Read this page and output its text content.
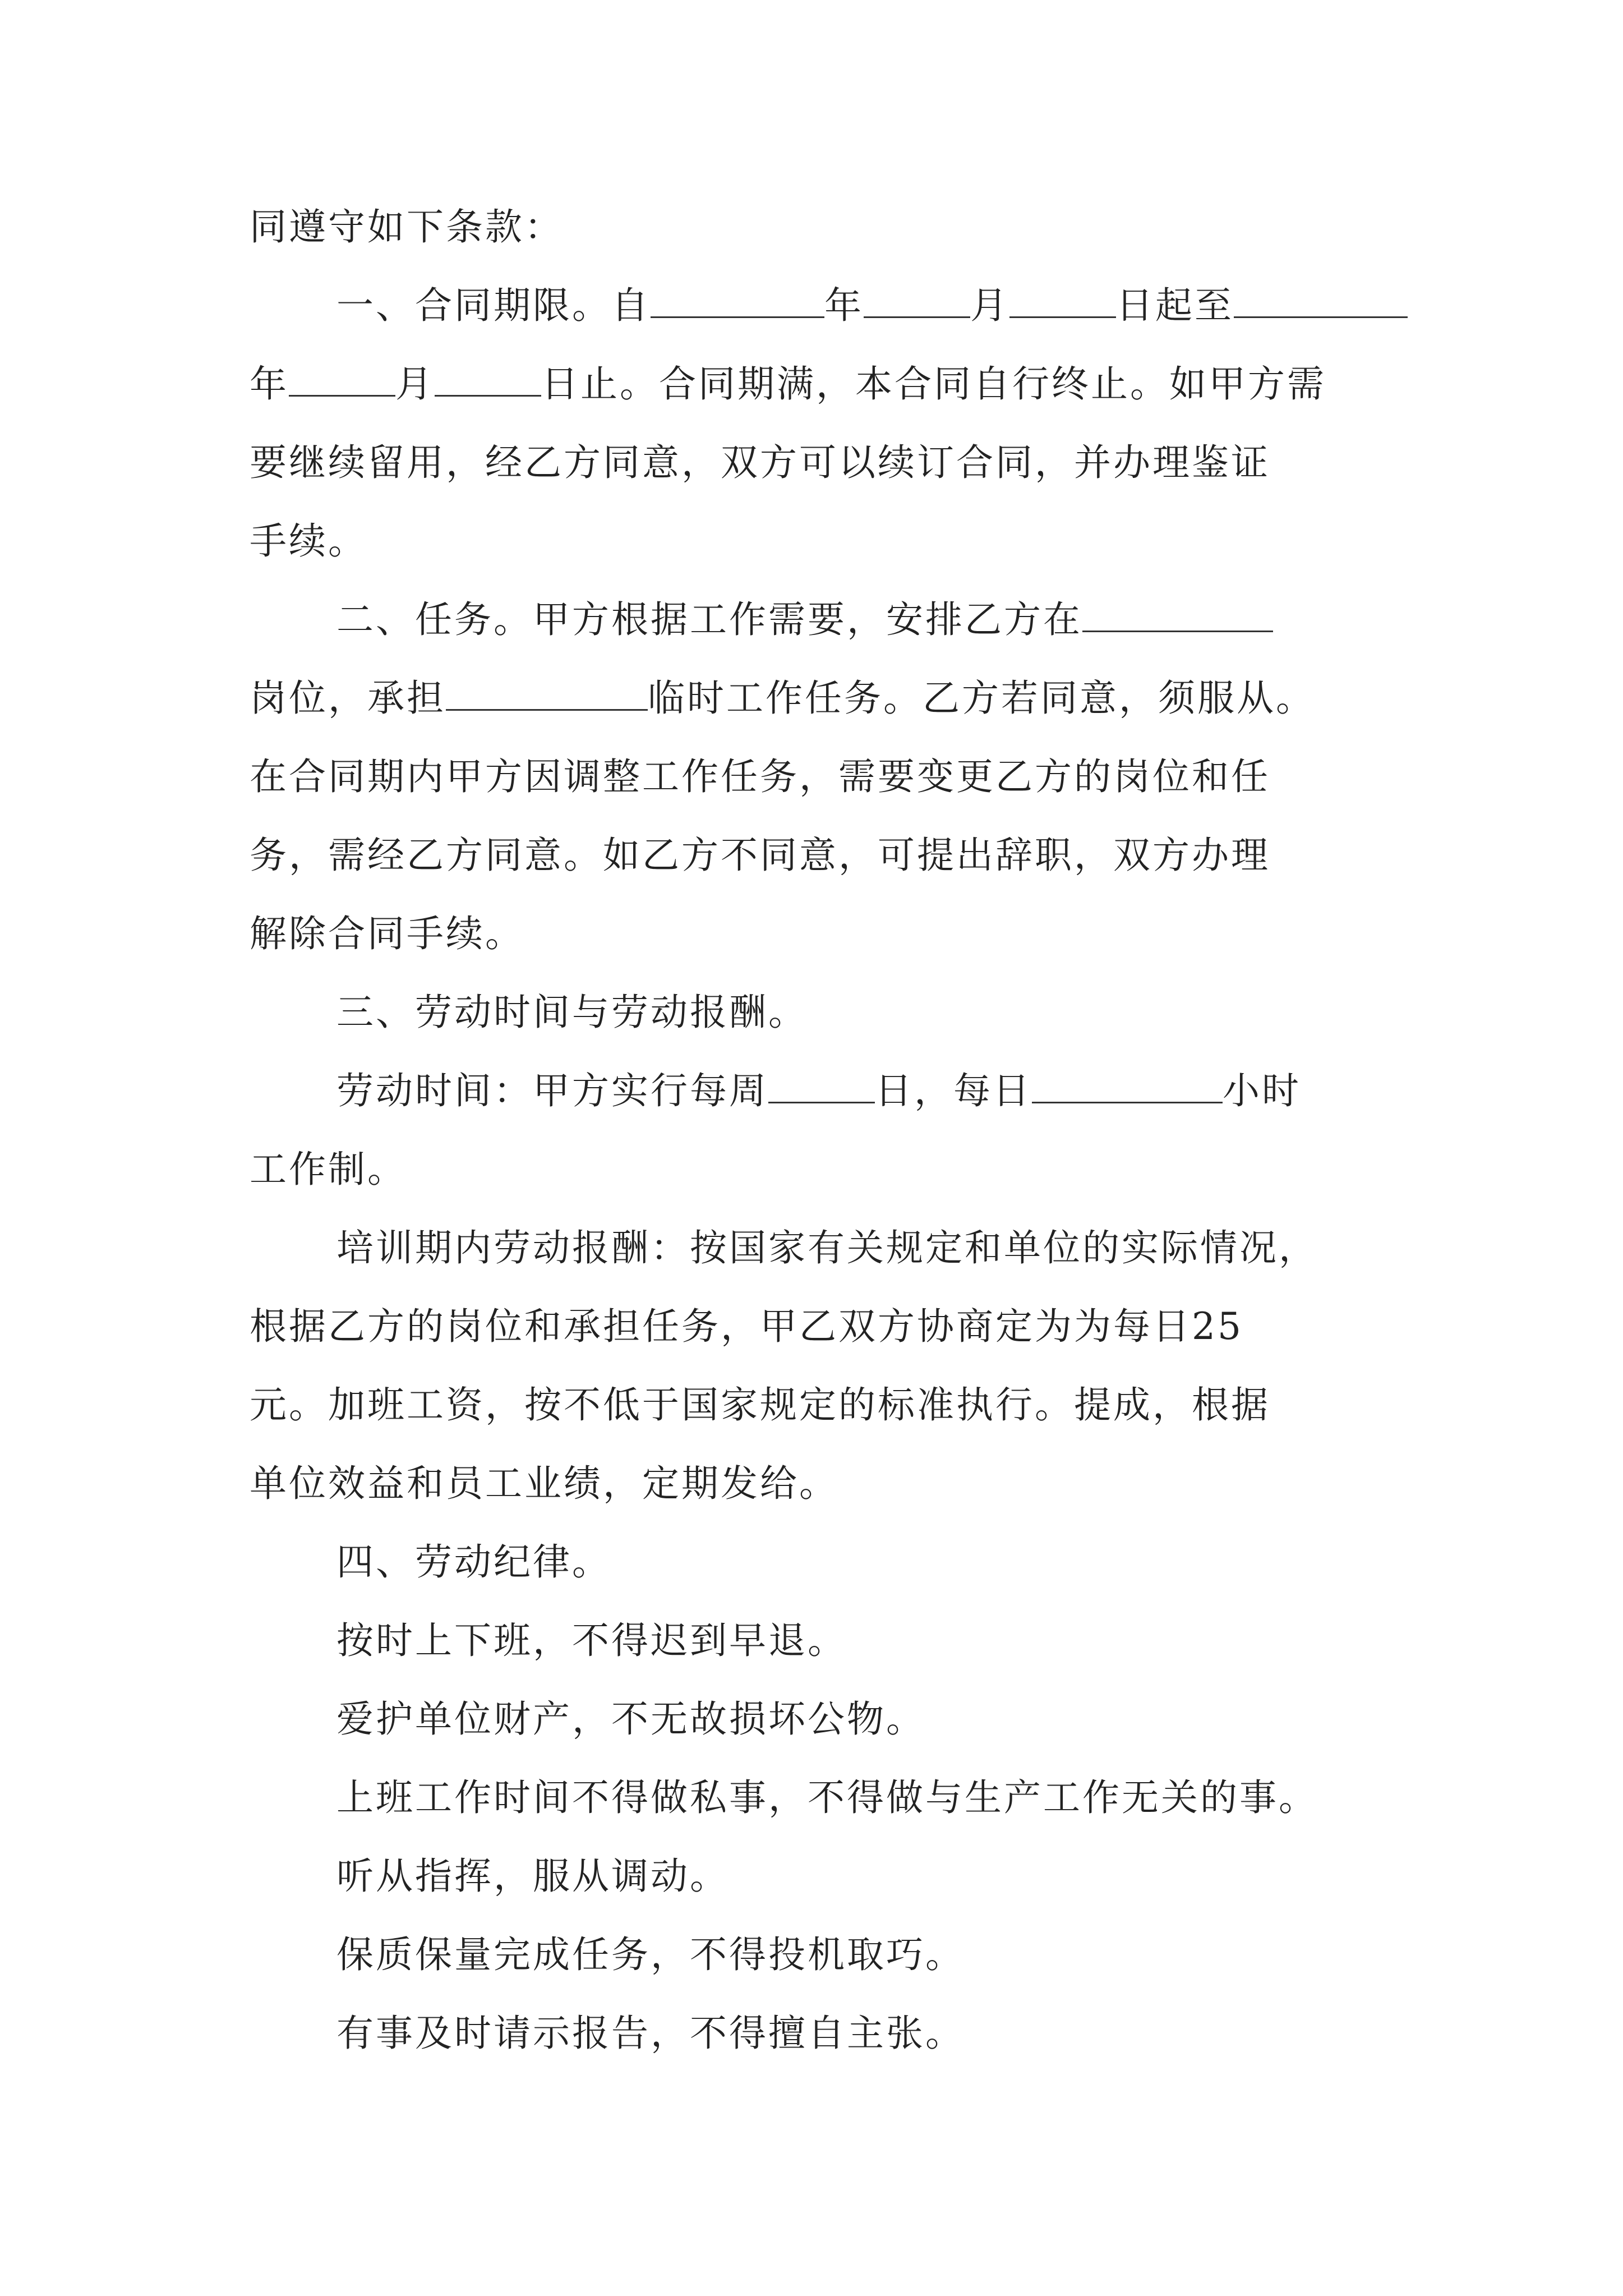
同遵守如下条款：
一、合同期限。自	年	月	日起至
年	月	日止。合同期满，本合同自行终止。如甲方需
要继续留用，经乙方同意，双方可以续订合同，并办理鉴证
手续。
二、任务。甲方根据工作需要，安排乙方在
岗位，承担	临时工作任务。乙方若同意，须服从。
在合同期内甲方因调整工作任务，需要变更乙方的岗位和任
务，需经乙方同意。如乙方不同意，可提出辞职，双方办理
解除合同手续。
三、劳动时间与劳动报酬。
劳动时间：甲方实行每周	日，每日	小时
工作制。
培训期内劳动报酬：按国家有关规定和单位的实际情况，
根据乙方的岗位和承担任务，甲乙双方协商定为为每日25
元。加班工资，按不低于国家规定的标准执行。提成，根据
单位效益和员工业绩，定期发给。
四、劳动纪律。
按时上下班，不得迟到早退。
爱护单位财产，不无故损坏公物。
上班工作时间不得做私事，不得做与生产工作无关的事。
听从指挥，服从调动。
保质保量完成任务，不得投机取巧。
有事及时请示报告，不得擅自主张。
